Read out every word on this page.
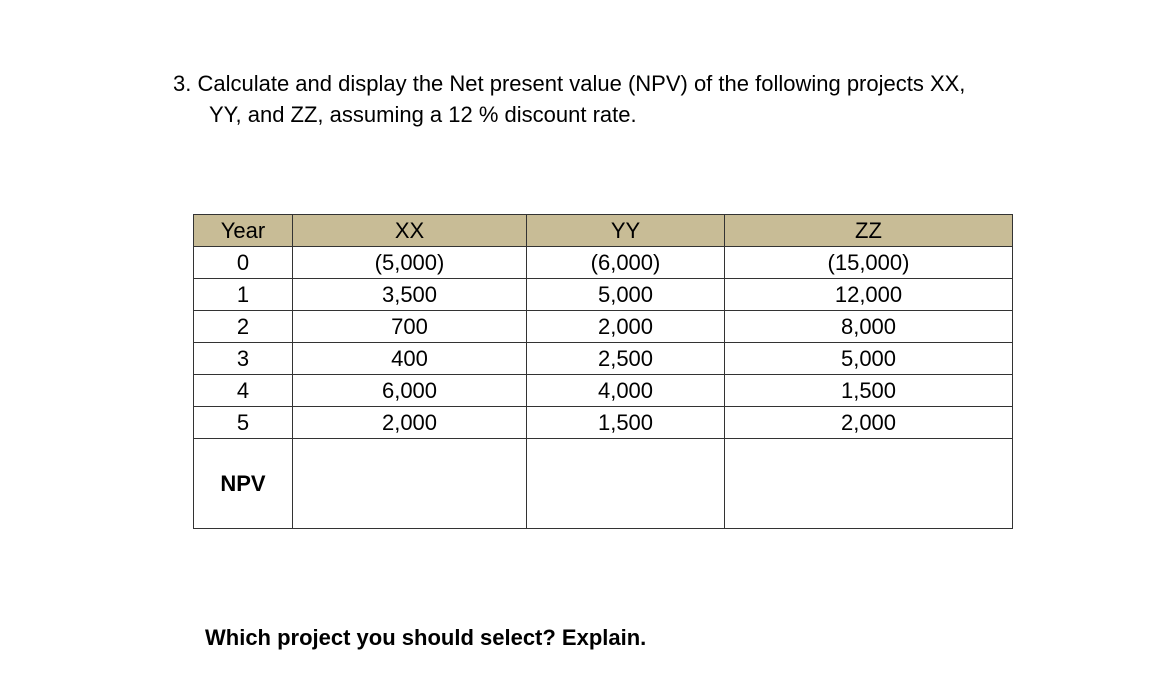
3. Calculate and display the Net present value (NPV) of the following projects XX,
YY, and ZZ, assuming a 12 % discount rate.

Year	XX	YY	ZZ
0	(5,000)	(6,000)	(15,000)
1	3,500	5,000	12,000
2	700	2,000	8,000
3	400	2,500	5,000
4	6,000	4,000	1,500
5	2,000	1,500	2,000
NPV			

Which project you should select? Explain.
